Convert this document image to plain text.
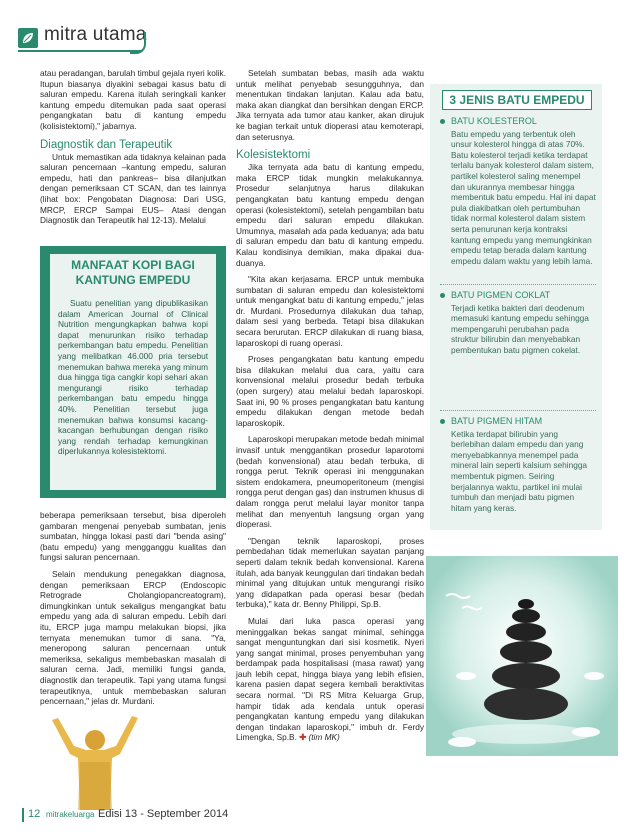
mitra utama

atau peradangan, barulah timbul gejala nyeri kolik. Itupun biasanya diyakini sebagai kasus batu di saluran empedu. Karena itulah seringkali kanker kantung empedu ditemukan pada saat operasi pengangkatan batu di kantung empedu (kolisistektomi)," jabarnya.

Diagnostik dan Terapeutik

Untuk memastikan ada tidaknya kelainan pada saluran pencernaan –kantung empedu, saluran empedu, hati dan pankreas– bisa dilanjutkan dengan pemeriksaan CT SCAN, dan tes lainnya (lihat box: Pengobatan Diagnosa: Dari USG, MRCP, ERCP Sampai EUS– Atasi dengan Diagnostik dan Terapeutik hal 12-13). Melalui

MANFAAT KOPI BAGI KANTUNG EMPEDU
Suatu penelitian yang dipublikasikan dalam American Journal of Clinical Nutrition mengungkapkan bahwa kopi dapat menurunkan risiko terhadap perkembangan batu empedu. Penelitian yang melibatkan 46.000 pria tersebut menemukan bahwa mereka yang minum dua hingga tiga cangkir kopi sehari akan mengurangi risiko terhadap perkembangan batu empedu hingga 40%. Penelitian tersebut juga menemukan bahwa konsumsi kacang-kacangan berhubungan dengan risiko yang rendah terhadap kemungkinan diperlukannya kolesistektomi.

beberapa pemeriksaan tersebut, bisa diperoleh gambaran mengenai penyebab sumbatan, jenis sumbatan, hingga lokasi pasti dari "benda asing" (batu empedu) yang mengganggu kualitas dan fungsi saluran pencernaan.

Selain mendukung penegakkan diagnosa, dengan pemeriksaan ERCP (Endoscopic Retrograde Cholangiopancreatogram), dimungkinkan untuk sekaligus mengangkat batu empedu yang ada di saluran empedu. Lebih dari itu, ERCP juga mampu melakukan biopsi, jika ternyata menemukan tumor di sana. "Ya, meneropong saluran pencernaan untuk memeriksa, sekaligus membebaskan masalah di saluran cerna. Jadi, memiliki fungsi ganda, diagnostik dan terapeutik. Tapi yang utama fungsi terapeutiknya, untuk membebaskan saluran pencernaan," jelas dr. Murdani.

Setelah sumbatan bebas, masih ada waktu untuk melihat penyebab sesungguhnya, dan menentukan tindakan lanjutan. Kalau ada batu, maka akan diangkat dan bersihkan dengan ERCP. Jika ternyata ada tumor atau kanker, akan dirujuk ke bagian terkait untuk dioperasi atau kemoterapi, dan seterusnya.

Kolesistektomi

Jika ternyata ada batu di kantung empedu, maka ERCP tidak mungkin melakukannya. Prosedur selanjutnya harus dilakukan pengangkatan batu kantung empedu dengan operasi (kolesistektomi), setelah pengambilan batu empedu dari saluran empedu dilakukan. Umumnya, masalah ada pada keduanya; ada batu di saluran empedu dan batu di kantung empedu. Kalau kondisinya demikian, maka dipakai dua-duanya.

"Kita akan kerjasama. ERCP untuk membuka sumbatan di saluran empedu dan kolesistektomi untuk mengangkat batu di kantung empedu," jelas dr. Murdani. Prosedurnya dilakukan dua tahap, dalam sesi yang berbeda. Tetapi bisa dilakukan secara berurutan. ERCP dilakukan di ruang biasa, laparoskopi di ruang operasi.

Proses pengangkatan batu kantung empedu bisa dilakukan melalui dua cara, yaitu cara konvensional melalui prosedur bedah terbuka (open surgery) atau melalui bedah laparoskopi. Saat ini, 90 % proses pengangkatan batu kantung empedu dilakukan dengan metode bedah laparoskopik.

Laparoskopi merupakan metode bedah minimal invasif untuk menggantikan prosedur laparotomi (bedah konvensional) atau bedah terbuka, di rongga perut. Teknik operasi ini menggunakan sistem endokamera, pneumoperitoneum (mengisi rongga perut dengan gas) dan instrumen khusus di dalam rongga perut melalui layar monitor tanpa melihat dan menyentuh langsung organ yang dioperasi.

"Dengan teknik laparoskopi, proses pembedahan tidak memerlukan sayatan panjang seperti dalam teknik bedah konvensional. Karena itulah, ada banyak keunggulan dari tindakan bedah minimal yang ditujukan untuk mengurangi risiko yang didapatkan pada operasi besar (bedah terbuka)," kata dr. Benny Philippi, Sp.B.

Mulai dari luka pasca operasi yang meninggalkan bekas sangat minimal, sehingga sangat menguntungkan dari sisi kosmetik. Nyeri yang sangat minimal, proses penyembuhan yang berdampak pada hospitalisasi (masa rawat) yang jauh lebih cepat, hingga biaya yang lebih efisien, karena pasien dapat segera kembali beraktivitas secara normal. "Di RS Mitra Keluarga Grup, hampir tidak ada kendala untuk operasi pengangkatan kantung empedu yang dilakukan dengan tindakan laparoskopi," imbuh dr. Ferdy Limengka, Sp.B. ✚ (tim MK)

3 JENIS BATU EMPEDU
BATU KOLESTEROL
Batu empedu yang terbentuk oleh unsur kolesterol hingga di atas 70%. Batu kolesterol terjadi ketika terdapat terlalu banyak kolesterol dalam sistem, partikel kolesterol saling menempel dan ukurannya membesar hingga membentuk batu empedu. Hal ini dapat pula diakibatkan oleh pertumbuhan tidak normal kolesterol dalam sistem serta penurunan kerja kontraksi kantung empedu yang memungkinkan empedu tetap berada dalam kantung empedu dalam waktu yang lebih lama.
BATU PIGMEN COKLAT
Terjadi ketika bakteri dari deodenum memasuki kantung empedu sehingga mempengaruhi perubahan pada struktur bilirubin dan menyebabkan pembentukan batu pigmen cokelat.
BATU PIGMEN HITAM
Ketika terdapat bilirubin yang berlebihan dalam empedu dan yang menyebabkannya menempel pada mineral lain seperti kalsium sehingga membentuk pigmen. Seiring berjalannya waktu, partikel ini mulai tumbuh dan menjadi batu pigmen hitam yang keras.
12 mitrakeluarga Edisi 13 - September 2014
